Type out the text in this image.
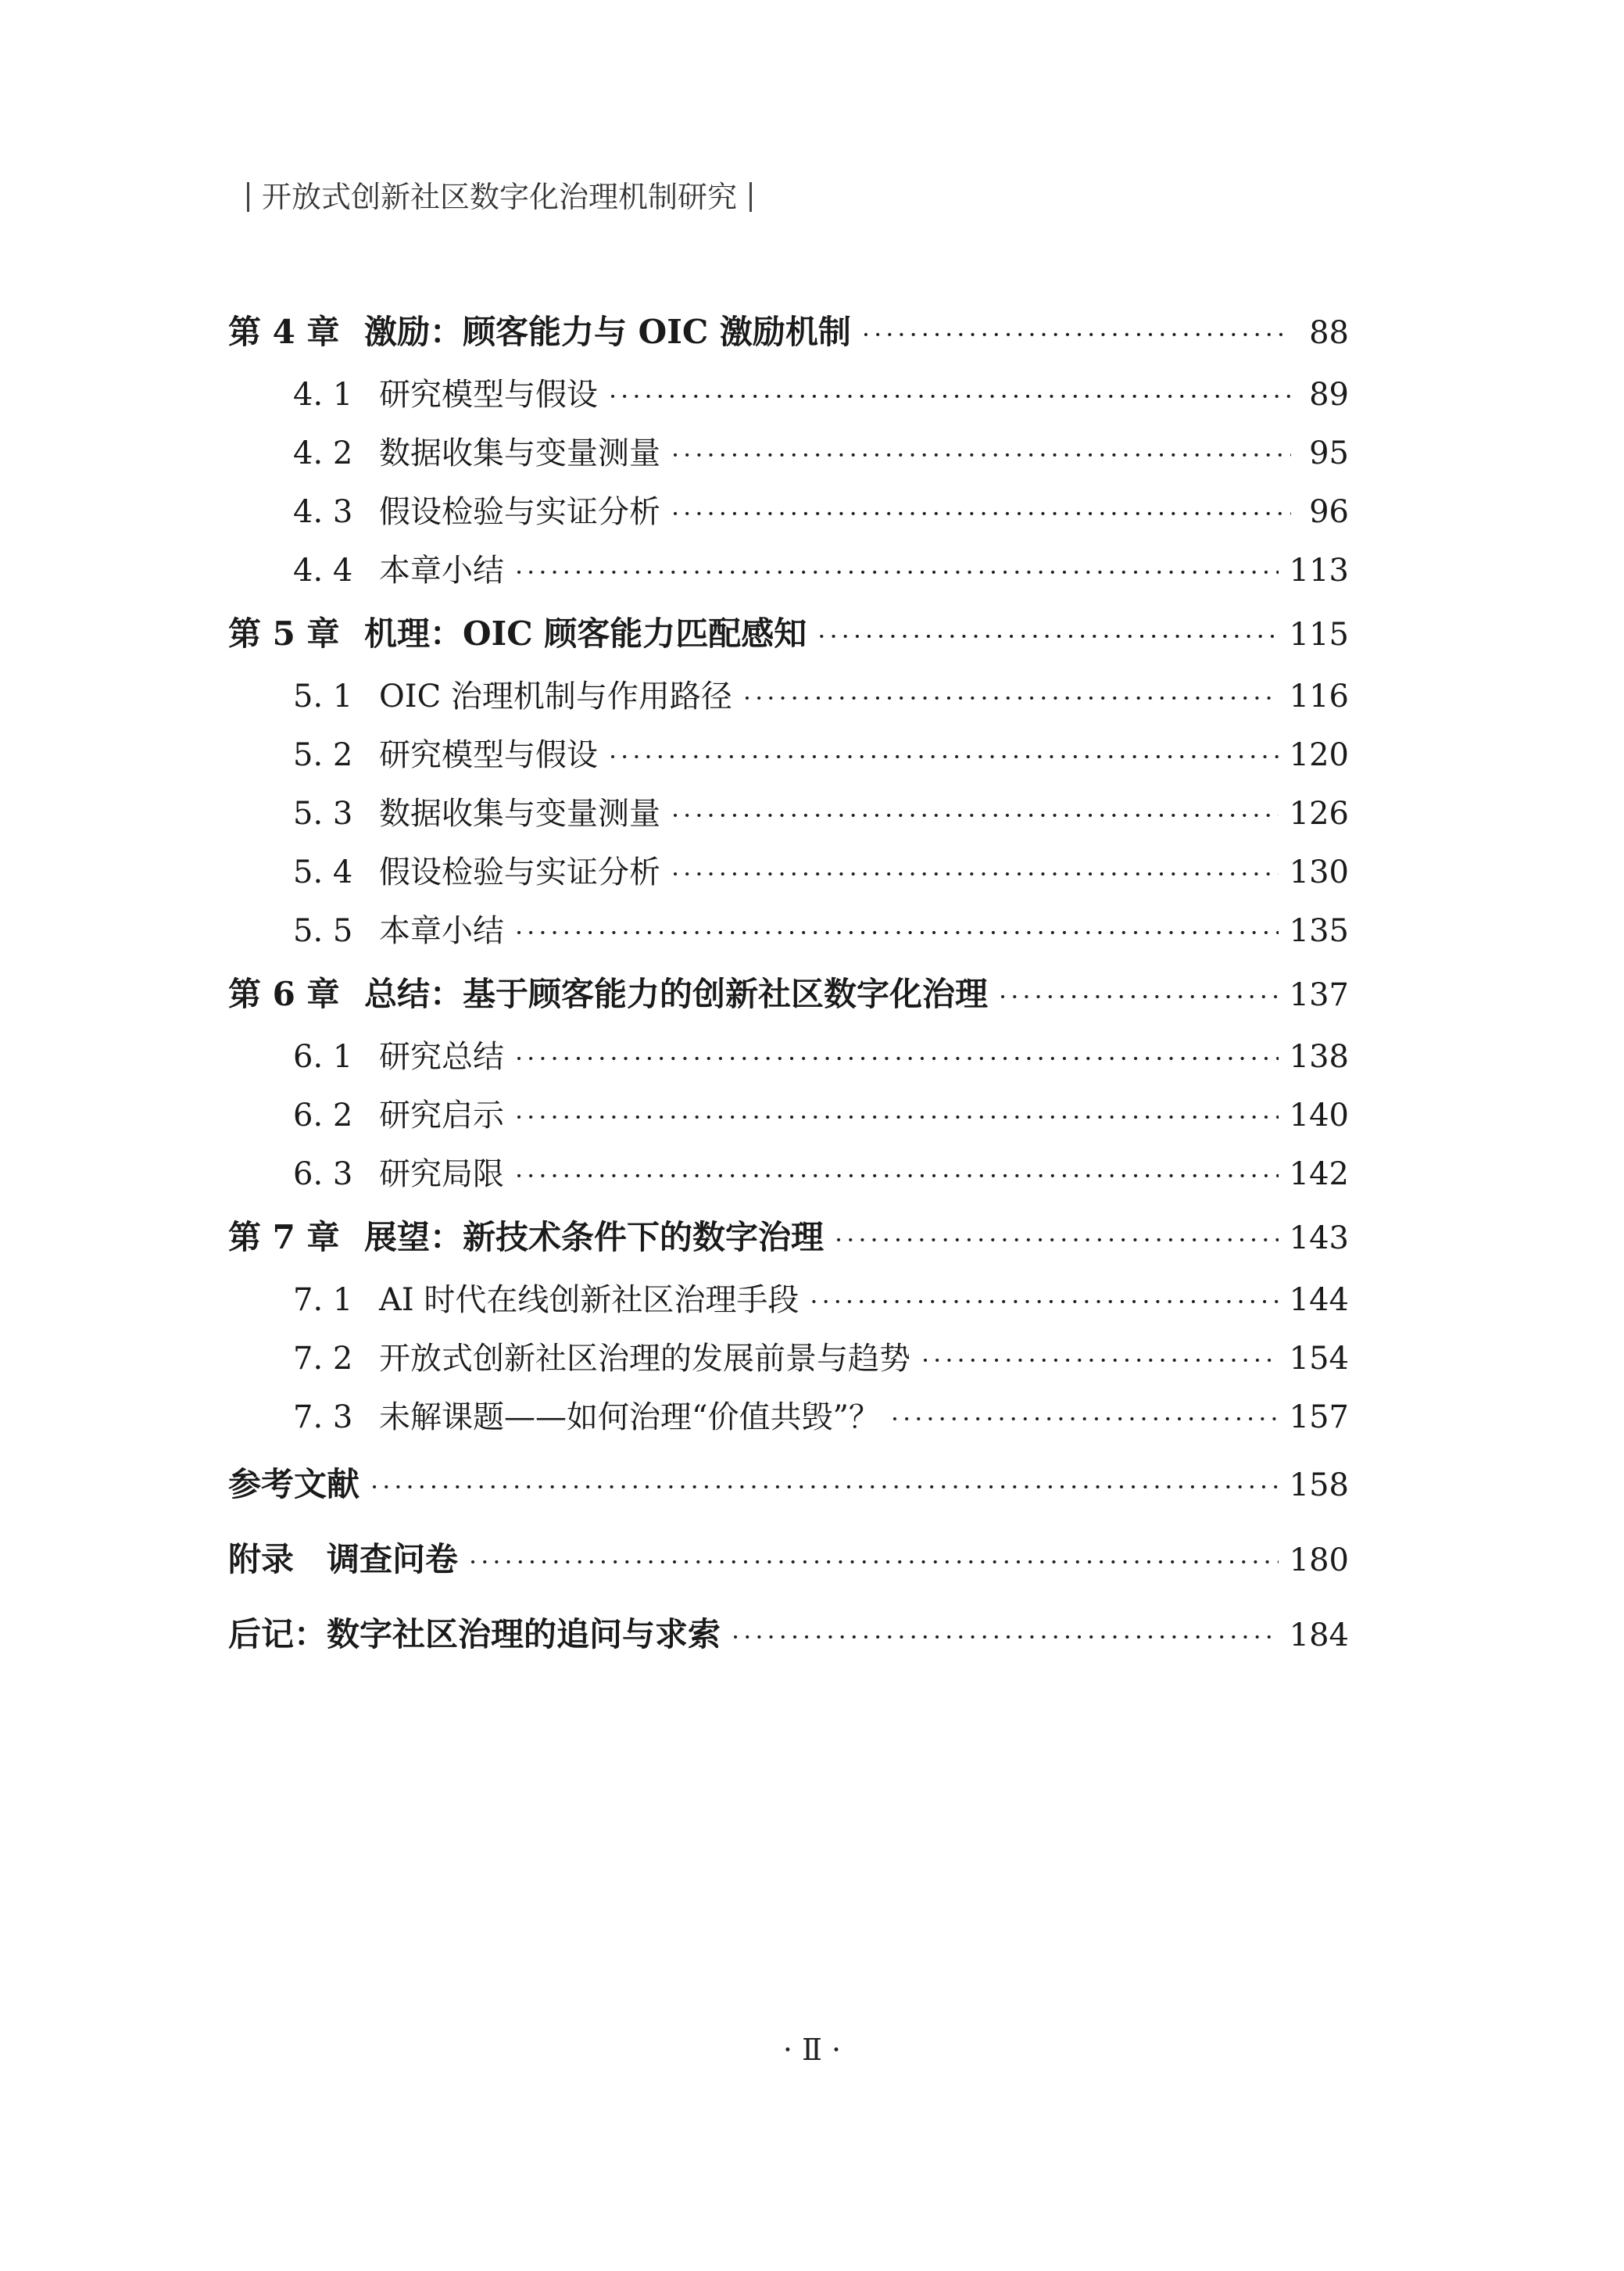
开放式创新社区数字化治理机制研究
第 4 章 激励：顾客能力与 OIC 激励机制 ·····	88
4. 1 研究模型与假设 ·····	89
4. 2 数据收集与变量测量 ·····	95
4. 3 假设检验与实证分析 ·····	96
4. 4 本章小结 ·····	113
第 5 章 机理：OIC 顾客能力匹配感知 ·····	115
5. 1 OIC 治理机制与作用路径 ·····	116
5. 2 研究模型与假设 ·····	120
5. 3 数据收集与变量测量 ·····	126
5. 4 假设检验与实证分析 ·····	130
5. 5 本章小结 ·····	135
第 6 章 总结：基于顾客能力的创新社区数字化治理 ·····	137
6. 1 研究总结 ·····	138
6. 2 研究启示 ·····	140
6. 3 研究局限 ·····	142
第 7 章 展望：新技术条件下的数字治理 ·····	143
7. 1 AI 时代在线创新社区治理手段 ·····	144
7. 2 开放式创新社区治理的发展前景与趋势 ·····	154
7. 3 未解课题——如何治理“价值共毁”？ ·····	157
参考文献 ·····	158
附录　调查问卷 ·····	180
后记：数字社区治理的追问与求索 ·····	184
· Ⅱ ·
